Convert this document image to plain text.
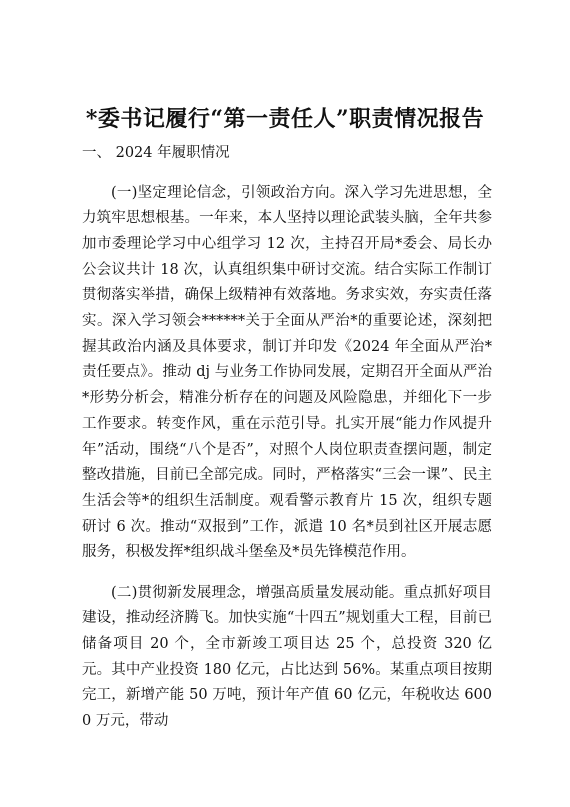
*委书记履行“第一责任人”职责情况报告
一、 2024 年履职情况

(一)坚定理论信念，引领政治方向。深入学习先进思想，全力筑牢思想根基。一年来，本人坚持以理论武装头脑，全年共参加市委理论学习中心组学习 12 次，主持召开局*委会、局长办公会议共计 18 次，认真组织集中研讨交流。结合实际工作制订贯彻落实举措，确保上级精神有效落地。务求实效，夯实责任落实。深入学习领会******关于全面从严治*的重要论述，深刻把握其政治内涵及具体要求，制订并印发《2024 年全面从严治*责任要点》。推动 dj 与业务工作协同发展，定期召开全面从严治*形势分析会，精准分析存在的问题及风险隐患，并细化下一步工作要求。转变作风，重在示范引导。扎实开展“能力作风提升年”活动，围绕“八个是否”，对照个人岗位职责查摆问题，制定整改措施，目前已全部完成。同时，严格落实“三会一课”、民主生活会等*的组织生活制度。观看警示教育片 15 次，组织专题研讨 6 次。推动“双报到”工作，派遣 10 名*员到社区开展志愿服务，积极发挥*组织战斗堡垒及*员先锋模范作用。

(二)贯彻新发展理念，增强高质量发展动能。重点抓好项目建设，推动经济腾飞。加快实施“十四五”规划重大工程，目前已储备项目 20 个，全市新竣工项目达 25 个，总投资 320 亿元。其中产业投资 180 亿元，占比达到 56%。某重点项目按期完工，新增产能 50 万吨，预计年产值 60 亿元，年税收达 6000 万元，带动
